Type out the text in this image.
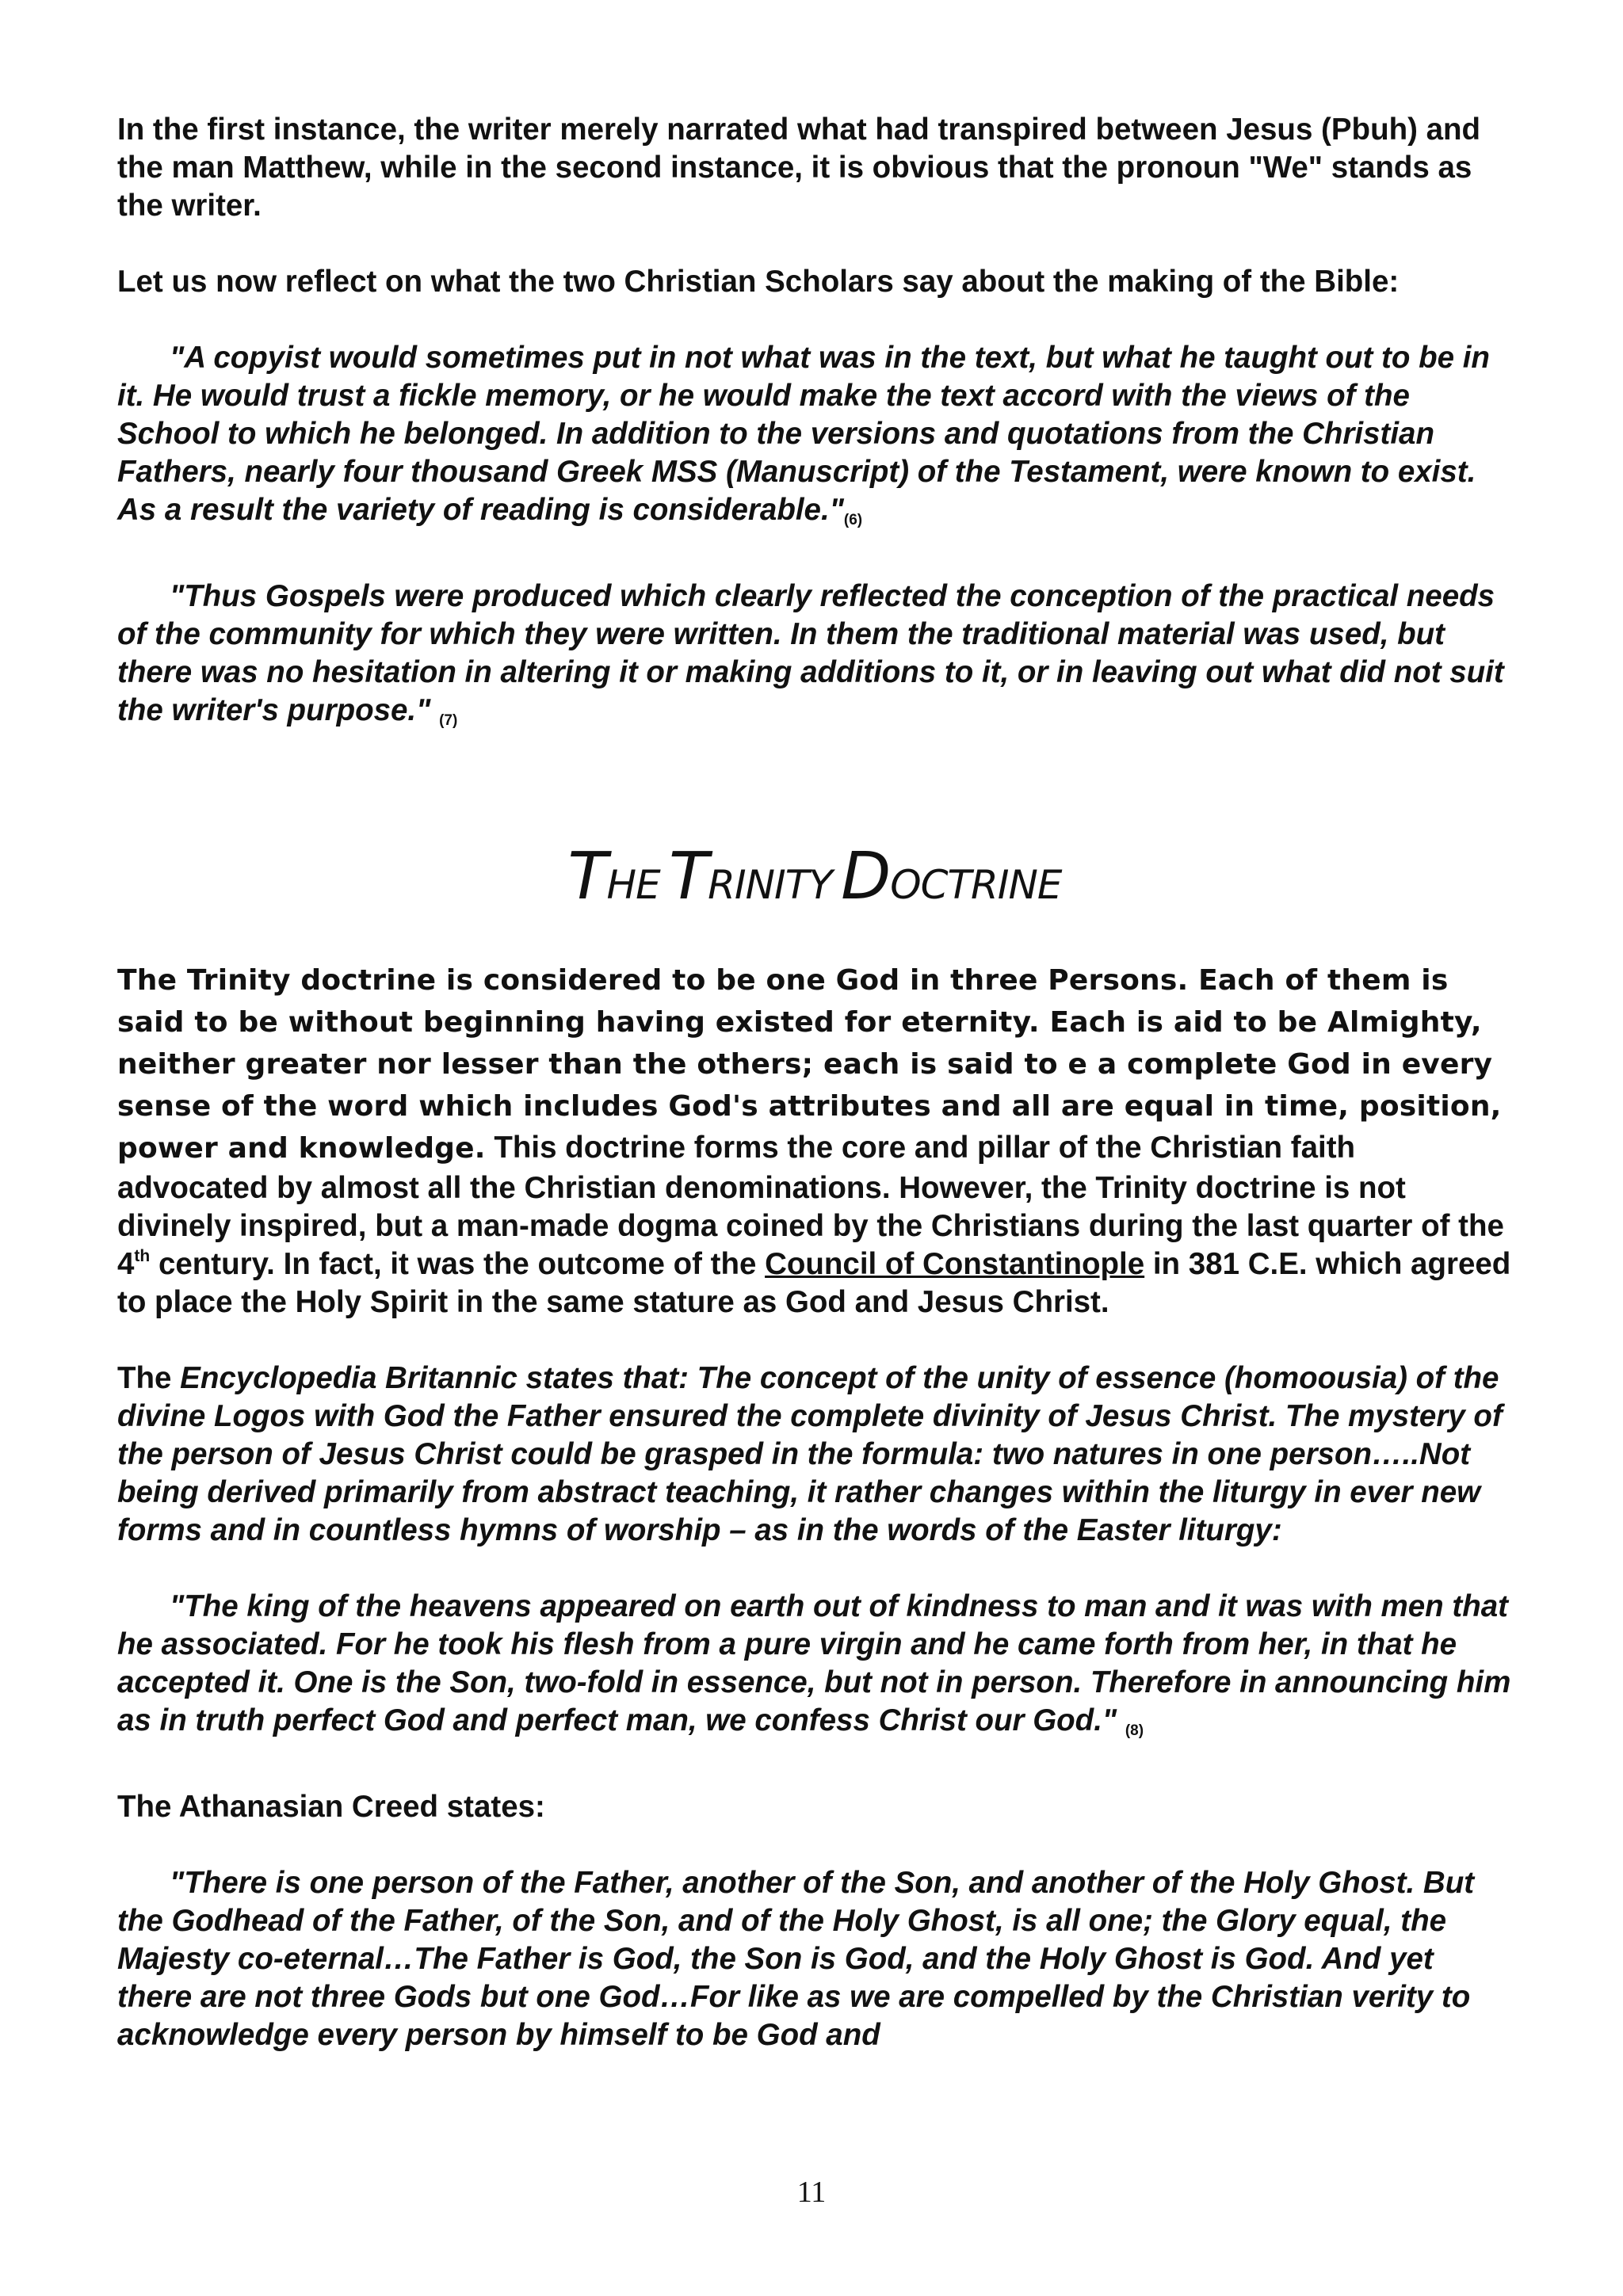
In the first instance, the writer merely narrated what had transpired between Jesus (Pbuh) and the man Matthew, while in the second instance, it is obvious that the pronoun "We" stands as the writer.

Let us now reflect on what the two Christian Scholars say about the making of the Bible:

"A copyist would sometimes put in not what was in the text, but what he taught out to be in it. He would trust a fickle memory, or he would make the text accord with the views of the School to which he belonged. In addition to the versions and quotations from the Christian Fathers, nearly four thousand Greek MSS (Manuscript) of the Testament, were known to exist. As a result the variety of reading is considerable."(6)

"Thus Gospels were produced which clearly reflected the conception of the practical needs of the community for which they were written. In them the traditional material was used, but there was no hesitation in altering it or making additions to it, or in leaving out what did not suit the writer's purpose." (7)

THE TRINITY DOCTRINE

The Trinity doctrine is considered to be one God in three Persons. Each of them is said to be without beginning having existed for eternity. Each is aid to be Almighty, neither greater nor lesser than the others; each is said to e a complete God in every sense of the word which includes God's attributes and all are equal in time, position, power and knowledge. This doctrine forms the core and pillar of the Christian faith advocated by almost all the Christian denominations. However, the Trinity doctrine is not divinely inspired, but a man-made dogma coined by the Christians during the last quarter of the 4th century. In fact, it was the outcome of the Council of Constantinople in 381 C.E. which agreed to place the Holy Spirit in the same stature as God and Jesus Christ.

The Encyclopedia Britannic states that: The concept of the unity of essence (homoousia) of the divine Logos with God the Father ensured the complete divinity of Jesus Christ. The mystery of the person of Jesus Christ could be grasped in the formula: two natures in one person…..Not being derived primarily from abstract teaching, it rather changes within the liturgy in ever new forms and in countless hymns of worship – as in the words of the Easter liturgy:

"The king of the heavens appeared on earth out of kindness to man and it was with men that he associated. For he took his flesh from a pure virgin and he came forth from her, in that he accepted it. One is the Son, two-fold in essence, but not in person. Therefore in announcing him as in truth perfect God and perfect man, we confess Christ our God." (8)

The Athanasian Creed states:

"There is one person of the Father, another of the Son, and another of the Holy Ghost. But the Godhead of the Father, of the Son, and of the Holy Ghost, is all one; the Glory equal, the Majesty co-eternal…The Father is God, the Son is God, and the Holy Ghost is God. And yet there are not three Gods but one God…For like as we are compelled by the Christian verity to acknowledge every person by himself to be God and

11
